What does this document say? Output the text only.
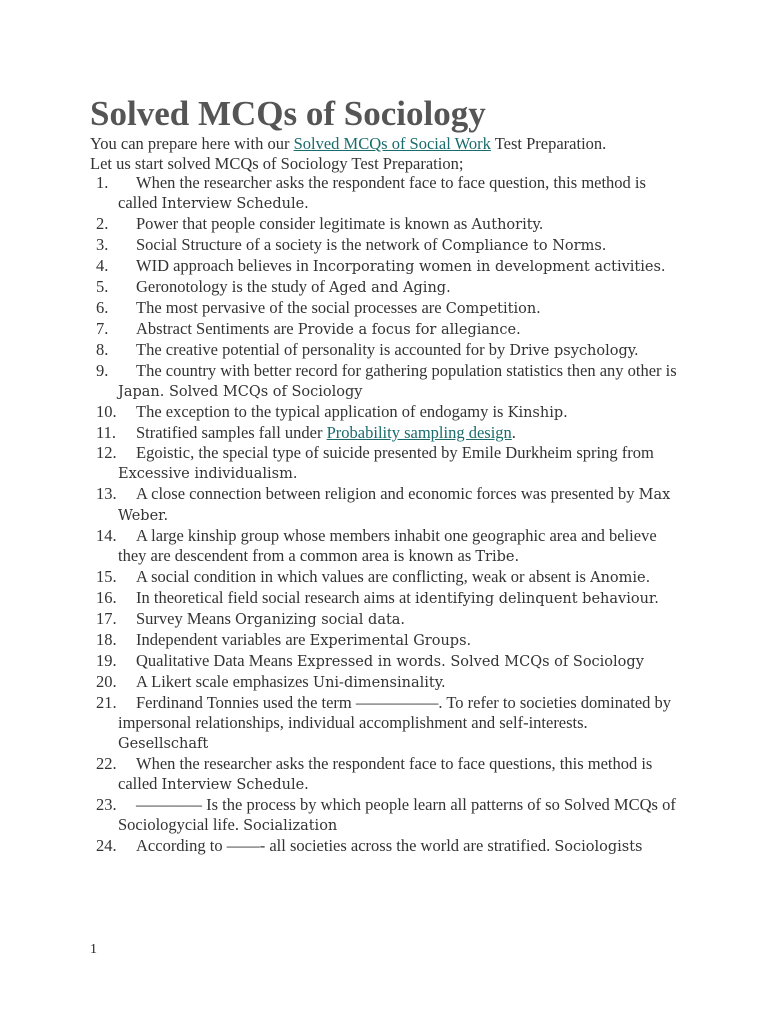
Solved MCQs of Sociology

You can prepare here with our Solved MCQs of Social Work Test Preparation.

Let us start solved MCQs of Sociology Test Preparation;

1.	When the researcher asks the respondent face to face question, this method is called Interview Schedule.
2.	Power that people consider legitimate is known as Authority.
3.	Social Structure of a society is the network of Compliance to Norms.
4.	WID approach believes in Incorporating women in development activities.
5.	Geronotology is the study of Aged and Aging.
6.	The most pervasive of the social processes are Competition.
7.	Abstract Sentiments are Provide a focus for allegiance.
8.	The creative potential of personality is accounted for by Drive psychology.
9.	The country with better record for gathering population statistics then any other is Japan. Solved MCQs of Sociology
10.	The exception to the typical application of endogamy is Kinship.
11.	Stratified samples fall under Probability sampling design.
12.	Egoistic, the special type of suicide presented by Emile Durkheim spring from Excessive individualism.
13.	A close connection between religion and economic forces was presented by Max Weber.
14.	A large kinship group whose members inhabit one geographic area and believe they are descendent from a common area is known as Tribe.
15.	A social condition in which values are conflicting, weak or absent is Anomie.
16.	In theoretical field social research aims at identifying delinquent behaviour.
17.	Survey Means Organizing social data.
18.	Independent variables are Experimental Groups.
19.	Qualitative Data Means Expressed in words. Solved MCQs of Sociology
20.	A Likert scale emphasizes Uni-dimensinality.
21.	Ferdinand Tonnies used the term —————. To refer to societies dominated by impersonal relationships, individual accomplishment and self-interests. Gesellschaft
22.	When the researcher asks the respondent face to face questions, this method is called Interview Schedule.
23.	———— Is the process by which people learn all patterns of so Solved MCQs of Sociologycial life. Socialization
24.	According to ——- all societies across the world are stratified. Sociologists
1
